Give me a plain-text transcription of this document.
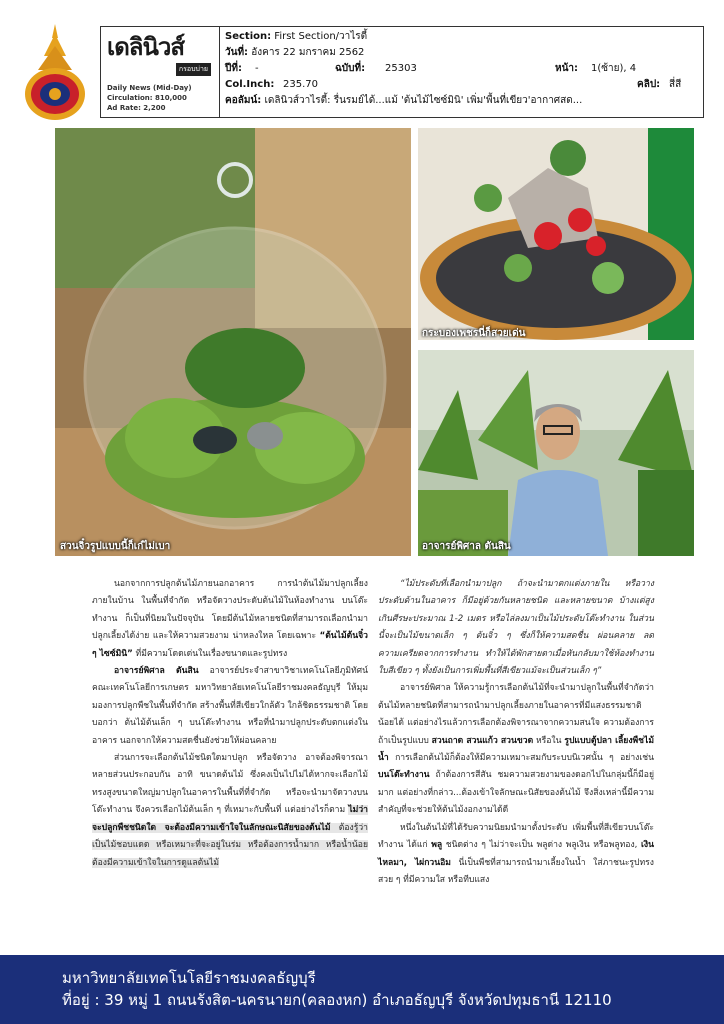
เดลินิวส์
กรอบบ่าย
Daily News (Mid-Day)
Circulation: 810,000
Ad Rate: 2,200
Section: First Section/วาไรตี้
วันที่: อังคาร 22 มกราคม 2562
ปีที่: -	ฉบับที่: 25303	หน้า: 1(ซ้าย), 4
Col.Inch: 235.70	คลิป: สี่สี
คอลัมน์: เดลินิวส์วาไรตี้: รื่นรมย์ได้...แม้ 'ต้นไม้ไซซ์มินิ' เพิ่ม'พื้นที่เขียว'อากาศสด...
สวนจิ๋วรูปแบบนี้ก็เก๋ไม่เบา
กระบองเพชรนี่ก็สวยเด่น
อาจารย์พิศาล ตันสิน

นอกจากการปลูกต้นไม้ภายนอกอาคาร การนำต้นไม้มาปลูกเลี้ยงภายในบ้าน ในพื้นที่จำกัด หรือจัดวางประดับต้นไม้ในห้องทำงาน บนโต๊ะทำงาน ก็เป็นที่นิยมในปัจจุบัน โดยมีต้นไม้หลายชนิดที่สามารถเลือกนำมาปลูกเลี้ยงได้ง่าย และให้ความสวยงาม น่าหลงใหล โดยเฉพาะ “ต้นไม้ต้นจิ๋ว ๆ ไซซ์มินิ” ที่มีความโดดเด่นในเรื่องขนาดและรูปทรง

อาจารย์พิศาล ตันสิน อาจารย์ประจำสาขาวิชาเทคโนโลยีภูมิทัศน์ คณะเทคโนโลยีการเกษตร มหาวิทยาลัยเทคโนโลยีราชมงคลธัญบุรี ให้มุมมองการปลูกพืชในพื้นที่จำกัด สร้างพื้นที่สีเขียวใกล้ตัว ใกล้ชิดธรรมชาติ โดยบอกว่า ต้นไม้ต้นเล็ก ๆ บนโต๊ะทำงาน หรือที่นำมาปลูกประดับตกแต่งในอาคาร นอกจากให้ความสดชื่นยังช่วยให้ผ่อนคลาย

ส่วนการจะเลือกต้นไม้ชนิดใดมาปลูก หรือจัดวาง อาจต้องพิจารณาหลายส่วนประกอบกัน อาทิ ขนาดต้นไม้ ซึ่งคงเป็นไปไม่ได้หากจะเลือกไม้ทรงสูงขนาดใหญ่มาปลูกในอาคารในพื้นที่ที่จำกัด หรือจะนำมาจัดวางบนโต๊ะทำงาน จึงควรเลือกไม้ต้นเล็ก ๆ ที่เหมาะกับพื้นที่ แต่อย่างไรก็ตาม ไม่ว่าจะปลูกพืชชนิดใด จะต้องมีความเข้าใจในลักษณะนิสัยของต้นไม้ ต้องรู้ว่าเป็นไม้ชอบแดด หรือเหมาะที่จะอยู่ในร่ม หรือต้องการน้ำมาก หรือน้ำน้อย ต้องมีความเข้าใจในการดูแลต้นไม้

“ไม้ประดับที่เลือกนำมาปลูก ถ้าจะนำมาตกแต่งภายใน หรือวางประดับด้านในอาคาร ก็มีอยู่ด้วยกันหลายชนิด และหลายขนาด บ้างแต่สูงเกินศีรษะประมาณ 1-2 เมตร หรือไล่ลงมาเป็นไม้ประดับโต๊ะทำงาน ในส่วนนี้จะเป็นไม้ขนาดเล็ก ๆ ต้นจิ๋ว ๆ ซึ่งก็ให้ความสดชื่น ผ่อนคลาย ลดความเครียดจากการทำงาน ทำให้ได้พักสายตาเมื่อหันกลับมาใช้ห้องทำงานใบสีเขียว ๆ ทั้งยังเป็นการเพิ่มพื้นที่สีเขียวแม้จะเป็นส่วนเล็ก ๆ”

อาจารย์พิศาล ให้ความรู้การเลือกต้นไม้ที่จะนำมาปลูกในพื้นที่จำกัดว่า ต้นไม้หลายชนิดที่สามารถนำมาปลูกเลี้ยงภายในอาคารที่มีแสงธรรมชาติน้อยได้ แต่อย่างไรแล้วการเลือกต้องพิจารณาจากความสนใจ ความต้องการ ถ้าเป็นรูปแบบ สวนถาด สวนแก้ว สวนขวด หรือใน รูปแบบตู้ปลา เลี้ยงพืชไม้น้ำ การเลือกต้นไม้ก็ต้องให้มีความเหมาะสมกับระบบนิเวศนั้น ๆ อย่างเช่น บนโต๊ะทำงาน ถ้าต้องการสีสัน ชมความสวยงามของดอกไปในกลุ่มนี้ก็มีอยู่มาก แต่อย่างที่กล่าว...ต้องเข้าใจลักษณะนิสัยของต้นไม้ จึงสิ่งเหล่านี้มีความสำคัญที่จะช่วยให้ต้นไม้งอกงามได้ดี

หนึ่งในต้นไม้ที่ได้รับความนิยมนำมาตั้งประดับ เพิ่มพื้นที่สีเขียวบนโต๊ะทำงาน ได้แก่ พลู ชนิดต่าง ๆ ไม่ว่าจะเป็น พลูด่าง พลูเงิน หรือพลูทอง, เงินไหลมา, ไผ่กวนอิม นี่เป็นพืชที่สามารถนำมาเลี้ยงในน้ำ ใส่ภาชนะรูปทรงสวย ๆ ที่มีความใส หรือทีบแสง

มหาวิทยาลัยเทคโนโลยีราชมงคลธัญบุรี
ที่อยู่ : 39 หมู่ 1 ถนนรังสิต-นครนายก(คลองหก) อำเภอธัญบุรี จังหวัดปทุมธานี 12110
